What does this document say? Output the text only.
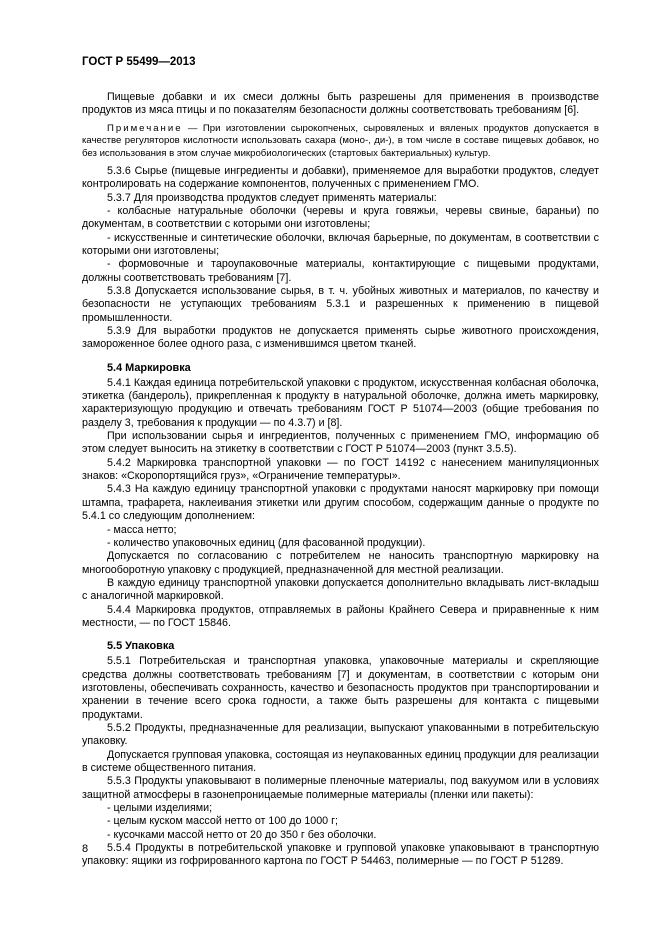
ГОСТ Р 55499—2013

Пищевые добавки и их смеси должны быть разрешены для применения в производстве продуктов из мяса птицы и по показателям безопасности должны соответствовать требованиям [6].

Примечание — При изготовлении сырокопченых, сыровяленых и вяленых продуктов допускается в качестве регуляторов кислотности использовать сахара (моно-, ди-), в том числе в составе пищевых добавок, но без использования в этом случае микробиологических (стартовых бактериальных) культур.

5.3.6 Сырье (пищевые ингредиенты и добавки), применяемое для выработки продуктов, следует контролировать на содержание компонентов, полученных с применением ГМО.

5.3.7 Для производства продуктов следует применять материалы:

- колбасные натуральные оболочки (черевы и круга говяжьи, черевы свиные, бараньи) по документам, в соответствии с которыми они изготовлены;

- искусственные и синтетические оболочки, включая барьерные, по документам, в соответствии с которыми они изготовлены;

- формовочные и тароупаковочные материалы, контактирующие с пищевыми продуктами, должны соответствовать требованиям [7].

5.3.8 Допускается использование сырья, в т. ч. убойных животных и материалов, по качеству и безопасности не уступающих требованиям 5.3.1 и разрешенных к применению в пищевой промышленности.

5.3.9 Для выработки продуктов не допускается применять сырье животного происхождения, замороженное более одного раза, с изменившимся цветом тканей.

5.4 Маркировка

5.4.1 Каждая единица потребительской упаковки с продуктом, искусственная колбасная оболочка, этикетка (бандероль), прикрепленная к продукту в натуральной оболочке, должна иметь маркировку, характеризующую продукцию и отвечать требованиям ГОСТ Р 51074—2003 (общие требования по разделу 3, требования к продукции — по 4.3.7) и [8].

При использовании сырья и ингредиентов, полученных с применением ГМО, информацию об этом следует выносить на этикетку в соответствии с ГОСТ Р 51074—2003 (пункт 3.5.5).

5.4.2 Маркировка транспортной упаковки — по ГОСТ 14192 с нанесением манипуляционных знаков: «Скоропортящийся груз», «Ограничение температуры».

5.4.3 На каждую единицу транспортной упаковки с продуктами наносят маркировку при помощи штампа, трафарета, наклеивания этикетки или другим способом, содержащим данные о продукте по 5.4.1 со следующим дополнением:

- масса нетто;

- количество упаковочных единиц (для фасованной продукции).

Допускается по согласованию с потребителем не наносить транспортную маркировку на многооборотную упаковку с продукцией, предназначенной для местной реализации.

В каждую единицу транспортной упаковки допускается дополнительно вкладывать лист-вкладыш с аналогичной маркировкой.

5.4.4 Маркировка продуктов, отправляемых в районы Крайнего Севера и приравненные к ним местности, — по ГОСТ 15846.

5.5 Упаковка

5.5.1 Потребительская и транспортная упаковка, упаковочные материалы и скрепляющие средства должны соответствовать требованиям [7] и документам, в соответствии с которым они изготовлены, обеспечивать сохранность, качество и безопасность продуктов при транспортировании и хранении в течение всего срока годности, а также быть разрешены для контакта с пищевыми продуктами.

5.5.2 Продукты, предназначенные для реализации, выпускают упакованными в потребительскую упаковку.

Допускается групповая упаковка, состоящая из неупакованных единиц продукции для реализации в системе общественного питания.

5.5.3 Продукты упаковывают в полимерные пленочные материалы, под вакуумом или в условиях защитной атмосферы в газонепроницаемые полимерные материалы (пленки или пакеты):

- целыми изделиями;

- целым куском массой нетто от 100 до 1000 г;

- кусочками массой нетто от 20 до 350 г без оболочки.

5.5.4 Продукты в потребительской упаковке и групповой упаковке упаковывают в транспортную упаковку: ящики из гофрированного картона по ГОСТ Р 54463, полимерные — по ГОСТ Р 51289.

8
